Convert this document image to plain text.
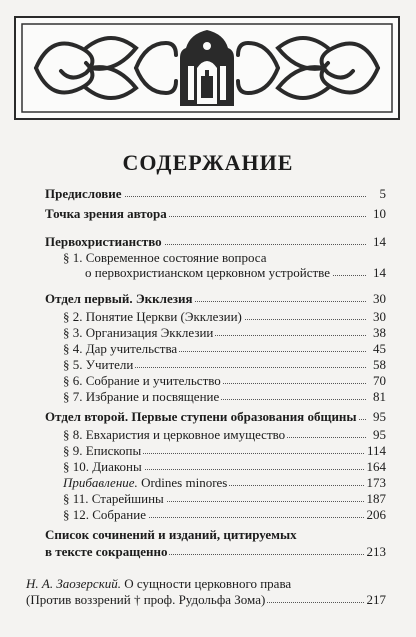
СОДЕРЖАНИЕ
Предисловие	5
Точка зрения автора	10
Первохристианство	14
§ 1. Современное состояние вопроса
о первохристианском церковном устройстве	14
Отдел первый. Экклезия	30
§ 2. Понятие Церкви (Экклезии)	30
§ 3. Организация Экклезии	38
§ 4. Дар учительства	45
§ 5. Учители	58
§ 6. Собрание и учительство	70
§ 7. Избрание и посвящение	81
Отдел второй. Первые ступени образования общины 95
§ 8. Евхаристия и церковное имущество	95
§ 9. Епископы	114
§ 10. Диаконы	164
Прибавление. Ordines minores	173
§ 11. Старейшины	187
§ 12. Собрание	206
Список сочинений и изданий, цитируемых
в тексте сокращенно	213
Н. А. Заозерский. О сущности церковного права
(Против воззрений † проф. Рудольфа Зома)	217
